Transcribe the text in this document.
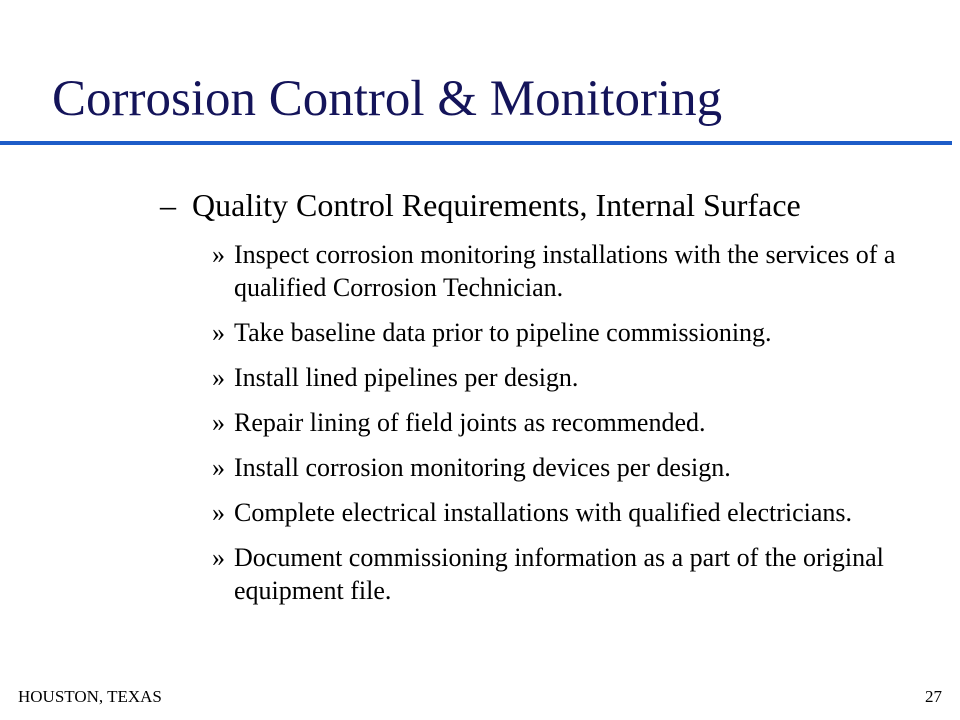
Corrosion Control & Monitoring
– Quality Control Requirements, Internal Surface
» Inspect corrosion monitoring installations with the services of a qualified Corrosion Technician.
» Take baseline data prior to pipeline commissioning.
» Install lined pipelines per design.
» Repair lining of field joints as recommended.
» Install corrosion monitoring devices per design.
» Complete electrical installations with qualified electricians.
» Document commissioning information as a part of the original equipment file.
HOUSTON, TEXAS	27
